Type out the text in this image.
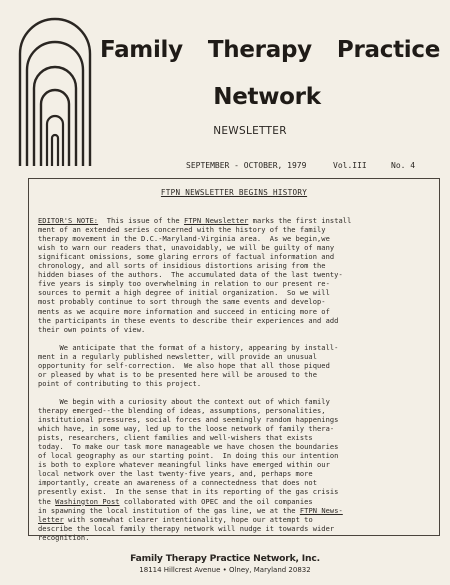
Family Therapy Practice
Network
NEWSLETTER
SEPTEMBER - OCTOBER, 1979	Vol.III	No. 4
FTPN NEWSLETTER BEGINS HISTORY

EDITOR'S NOTE:  This issue of the FTPN Newsletter marks the first install
ment of an extended series concerned with the history of the family
therapy movement in the D.C.-Maryland-Virginia area.  As we begin,we
wish to warn our readers that, unavoidably, we will be guilty of many
significant omissions, some glaring errors of factual information and
chronology, and all sorts of insidious distortions arising from the
hidden biases of the authors.  The accumulated data of the last twenty-
five years is simply too overwhelming in relation to our present re-
sources to permit a high degree of initial organization.  So we will
most probably continue to sort through the same events and develop-
ments as we acquire more information and succeed in enticing more of
the participants in these events to describe their experiences and add
their own points of view.
We anticipate that the format of a history, appearing by install-
ment in a regularly published newsletter, will provide an unusual
opportunity for self-correction.  We also hope that all those piqued
or pleased by what is to be presented here will be aroused to the
point of contributing to this project.
We begin with a curiosity about the context out of which family
therapy emerged--the blending of ideas, assumptions, personalities,
institutional pressures, social forces and seemingly random happenings
which have, in some way, led up to the loose network of family thera-
pists, researchers, client families and well-wishers that exists
today.  To make our task more manageable we have chosen the boundaries
of local geography as our starting point.  In doing this our intention
is both to explore whatever meaningful links have emerged within our
local network over the last twenty-five years, and, perhaps more
importantly, create an awareness of a connectedness that does not
presently exist.  In the sense that in its reporting of the gas crisis
the Washington Post collaborated with OPEC and the oil companies
in spawning the local institution of the gas line, we at the FTPN News-
letter with somewhat clearer intentionality, hope our attempt to
describe the local family therapy network will nudge it towards wider
recognition.

Family Therapy Practice Network, Inc.
18114 Hillcrest Avenue • Olney, Maryland 20832
